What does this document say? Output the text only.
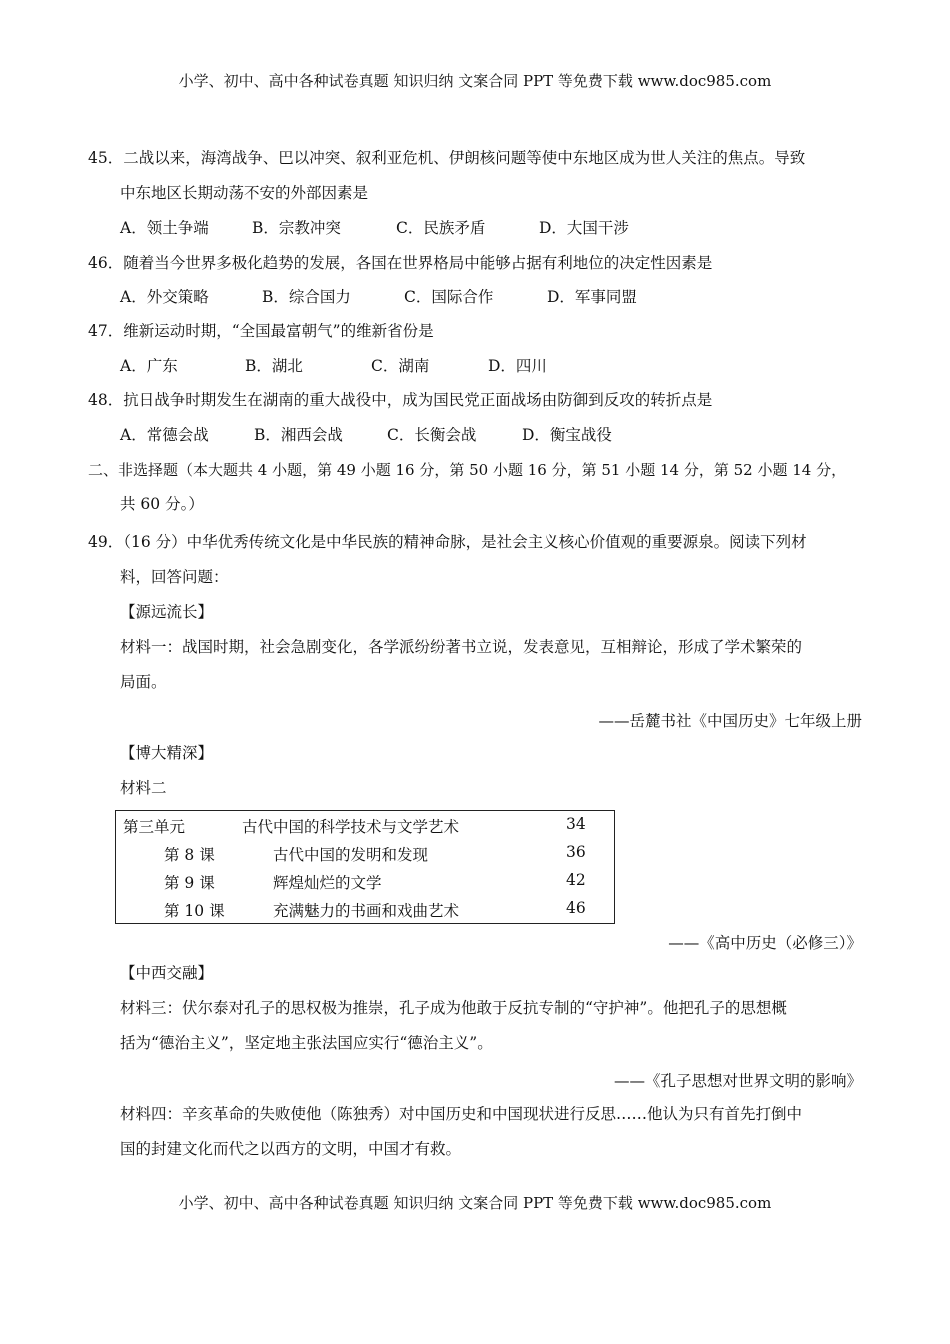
小学、初中、高中各种试卷真题 知识归纳 文案合同 PPT 等免费下载 www.doc985.com
45．二战以来，海湾战争、巴以冲突、叙利亚危机、伊朗核问题等使中东地区成为世人关注的焦点。导致
中东地区长期动荡不安的外部因素是
A．领土争端	B．宗教冲突	C．民族矛盾	D．大国干涉
46．随着当今世界多极化趋势的发展，各国在世界格局中能够占据有利地位的决定性因素是
A．外交策略	B．综合国力	C．国际合作	D．军事同盟
47．维新运动时期，“全国最富朝气”的维新省份是
A．广东	B．湖北	C．湖南	D．四川
48．抗日战争时期发生在湖南的重大战役中，成为国民党正面战场由防御到反攻的转折点是
A．常德会战	B．湘西会战	C．长衡会战	D．衡宝战役
二、非选择题（本大题共 4 小题，第 49 小题 16 分，第 50 小题 16 分，第 51 小题 14 分，第 52 小题 14 分，
共 60 分。）
49．（16 分）中华优秀传统文化是中华民族的精神命脉，是社会主义核心价值观的重要源泉。阅读下列材
料，回答问题：
【源远流长】
材料一：战国时期，社会急剧变化，各学派纷纷著书立说，发表意见，互相辩论，形成了学术繁荣的
局面。
——岳麓书社《中国历史》七年级上册
【博大精深】
材料二
第三单元	古代中国的科学技术与文学艺术	34
第 8 课	古代中国的发明和发现	36
第 9 课	辉煌灿烂的文学	42
第 10 课	充满魅力的书画和戏曲艺术	46
——《高中历史（必修三）》
【中西交融】
材料三：伏尔泰对孔子的思权极为推崇，孔子成为他敢于反抗专制的“守护神”。他把孔子的思想概
括为“德治主义”，坚定地主张法国应实行“德治主义”。
——《孔子思想对世界文明的影响》
材料四：辛亥革命的失败使他（陈独秀）对中国历史和中国现状进行反思……他认为只有首先打倒中
国的封建文化而代之以西方的文明，中国才有救。
小学、初中、高中各种试卷真题 知识归纳 文案合同 PPT 等免费下载 www.doc985.com
